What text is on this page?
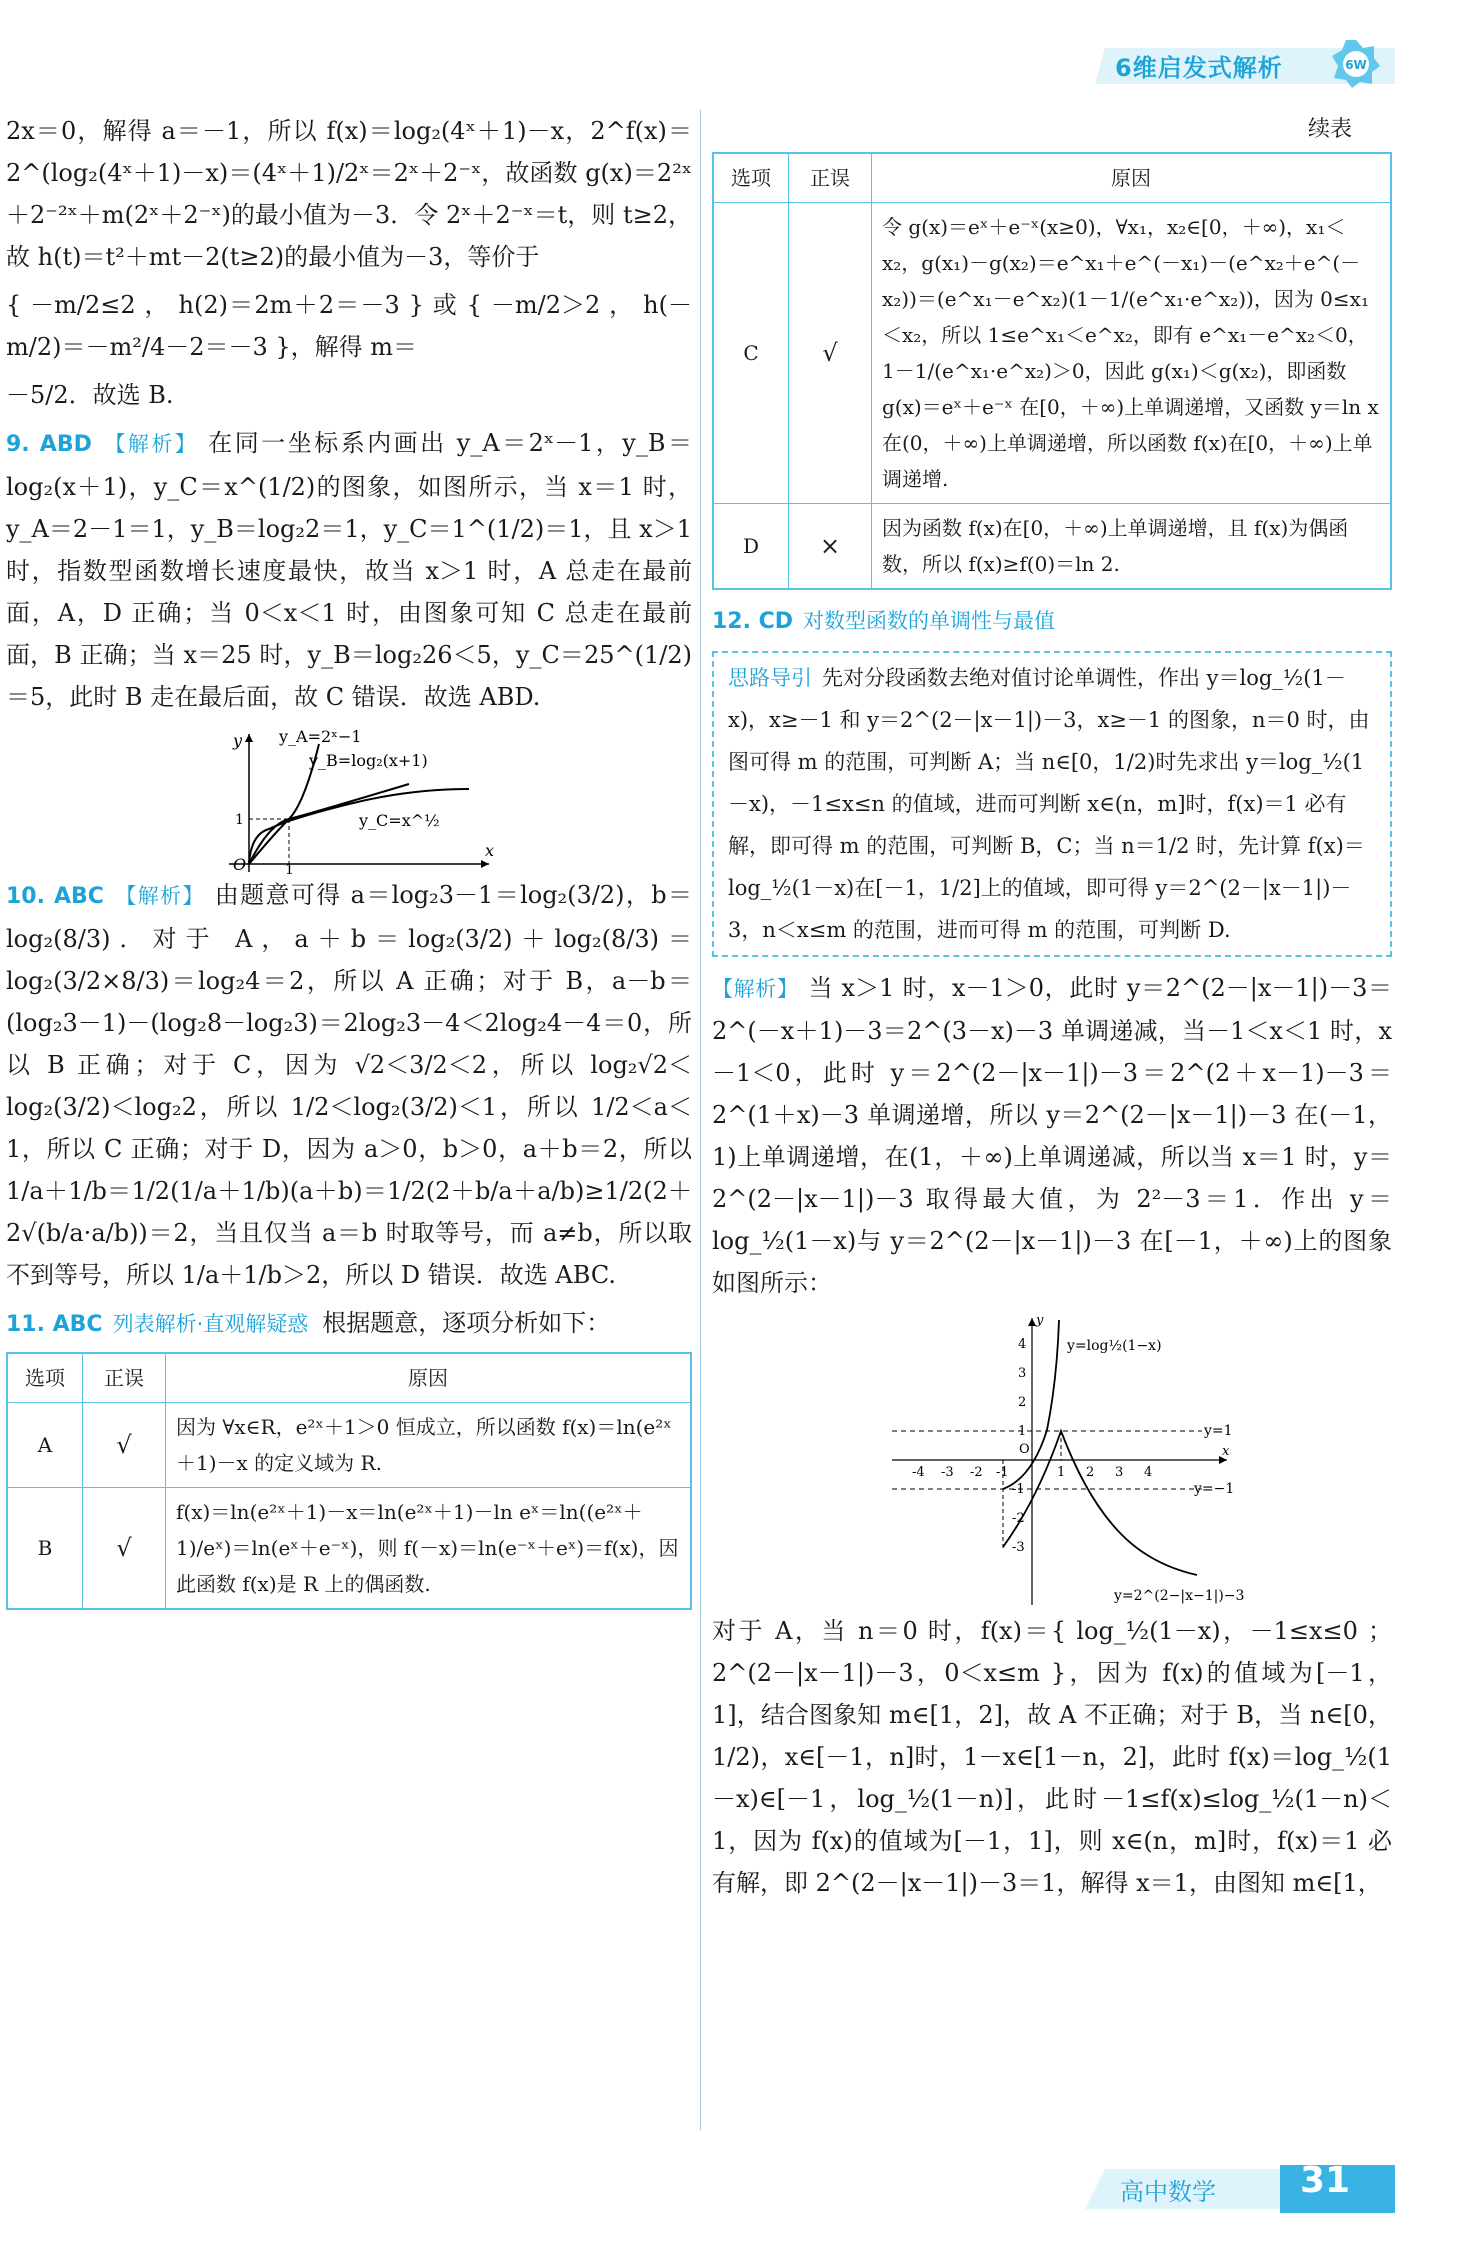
6维启发式解析	6W

2x＝0，解得 a＝－1，所以 f(x)＝log₂(4ˣ＋1)－x，2^f(x)＝2^(log₂(4ˣ＋1)－x)＝(4ˣ＋1)/2ˣ＝2ˣ＋2⁻ˣ，故函数 g(x)＝2²ˣ＋2⁻²ˣ＋m(2ˣ＋2⁻ˣ)的最小值为－3．令 2ˣ＋2⁻ˣ＝t，则 t≥2，故 h(t)＝t²＋mt－2(t≥2)的最小值为－3，等价于

{ －m/2≤2 ， h(2)＝2m＋2＝－3 } 或 { －m/2＞2 ， h(－m/2)＝－m²/4－2＝－3 }，解得 m＝

－5/2．故选 B.

9. ABD 【解析】 在同一坐标系内画出 y_A＝2ˣ－1，y_B＝log₂(x＋1)，y_C＝x^(1/2)的图象，如图所示，当 x＝1 时，y_A＝2－1＝1，y_B＝log₂2＝1，y_C＝1^(1/2)＝1，且 x＞1 时，指数型函数增长速度最快，故当 x＞1 时，A 总走在最前面，A，D 正确；当 0＜x＜1 时，由图象可知 C 总走在最前面，B 正确；当 x＝25 时，y_B＝log₂26＜5，y_C＝25^(1/2)＝5，此时 B 走在最后面，故 C 错误．故选 ABD.

y_A=2ˣ−1
y_B=log₂(x+1)
y_C=x^½
y
x
O	1
1

10. ABC 【解析】 由题意可得 a＝log₂3－1＝log₂(3/2)，b＝log₂(8/3)．对于 A，a＋b＝log₂(3/2)＋log₂(8/3)＝log₂(3/2×8/3)＝log₂4＝2，所以 A 正确；对于 B，a－b＝(log₂3－1)－(log₂8－log₂3)＝2log₂3－4＜2log₂4－4＝0，所以 B 正确；对于 C，因为 √2＜3/2＜2，所以 log₂√2＜log₂(3/2)＜log₂2，所以 1/2＜log₂(3/2)＜1，所以 1/2＜a＜1，所以 C 正确；对于 D，因为 a＞0，b＞0，a＋b＝2，所以 1/a＋1/b＝1/2(1/a＋1/b)(a＋b)＝1/2(2＋b/a＋a/b)≥1/2(2＋2√(b/a·a/b))＝2，当且仅当 a＝b 时取等号，而 a≠b，所以取不到等号，所以 1/a＋1/b＞2，所以 D 错误．故选 ABC.

11. ABC 列表解析·直观解疑惑 根据题意，逐项分析如下：

选项	正误	原因
A	√	因为 ∀x∈R，e²ˣ＋1＞0 恒成立，所以函数 f(x)＝ln(e²ˣ＋1)－x 的定义域为 R.
B	√	f(x)＝ln(e²ˣ＋1)－x＝ln(e²ˣ＋1)－ln eˣ＝ln((e²ˣ＋1)/eˣ)＝ln(eˣ＋e⁻ˣ)，则 f(－x)＝ln(e⁻ˣ＋eˣ)＝f(x)，因此函数 f(x)是 R 上的偶函数.
续表
选项	正误	原因
C	√	令 g(x)＝eˣ＋e⁻ˣ(x≥0)，∀x₁，x₂∈[0，＋∞)，x₁＜x₂，g(x₁)－g(x₂)＝e^x₁＋e^(－x₁)－(e^x₂＋e^(－x₂))＝(e^x₁－e^x₂)(1－1/(e^x₁·e^x₂))，因为 0≤x₁＜x₂，所以 1≤e^x₁＜e^x₂，即有 e^x₁－e^x₂＜0，1－1/(e^x₁·e^x₂)＞0，因此 g(x₁)＜g(x₂)，即函数 g(x)＝eˣ＋e⁻ˣ 在[0，＋∞)上单调递增，又函数 y＝ln x 在(0，＋∞)上单调递增，所以函数 f(x)在[0，＋∞)上单调递增.
D	×	因为函数 f(x)在[0，＋∞)上单调递增，且 f(x)为偶函数，所以 f(x)≥f(0)＝ln 2.

12. CD 对数型函数的单调性与最值

思路导引 先对分段函数去绝对值讨论单调性，作出 y＝log_½(1－x)，x≥－1 和 y＝2^(2－|x－1|)－3，x≥－1 的图象，n＝0 时，由图可得 m 的范围，可判断 A；当 n∈[0，1/2)时先求出 y＝log_½(1－x)，－1≤x≤n 的值域，进而可判断 x∈(n，m]时，f(x)＝1 必有解，即可得 m 的范围，可判断 B，C；当 n＝1/2 时，先计算 f(x)＝log_½(1－x)在[－1，1/2]上的值域，即可得 y＝2^(2－|x－1|)－3，n＜x≤m 的范围，进而可得 m 的范围，可判断 D.

【解析】 当 x＞1 时，x－1＞0，此时 y＝2^(2－|x－1|)－3＝2^(－x＋1)－3＝2^(3－x)－3 单调递减，当－1＜x＜1 时，x－1＜0，此时 y＝2^(2－|x－1|)－3＝2^(2＋x－1)－3＝2^(1＋x)－3 单调递增，所以 y＝2^(2－|x－1|)－3 在(－1，1)上单调递增，在(1，＋∞)上单调递减，所以当 x＝1 时，y＝2^(2－|x－1|)－3 取得最大值，为 2²－3＝1．作出 y＝log_½(1－x)与 y＝2^(2－|x－1|)－3 在[－1，＋∞)上的图象如图所示：

y=log½(1−x)
y=2^(2−|x−1|)−3
y=1
y=−1
y
x
O
-4 -3 -2 -1	1 2 3 4
4
3
2
1
-1
-2
-3

对于 A，当 n＝0 时，f(x)＝{ log_½(1－x)，－1≤x≤0 ； 2^(2－|x－1|)－3，0＜x≤m }，因为 f(x)的值域为[－1，1]，结合图象知 m∈[1，2]，故 A 不正确；对于 B，当 n∈[0，1/2)，x∈[－1，n]时，1－x∈[1－n，2]，此时 f(x)＝log_½(1－x)∈[－1，log_½(1－n)]，此时－1≤f(x)≤log_½(1－n)＜1，因为 f(x)的值域为[－1，1]，则 x∈(n，m]时，f(x)＝1 必有解，即 2^(2－|x－1|)－3＝1，解得 x＝1，由图知 m∈[1，

高中数学 31
